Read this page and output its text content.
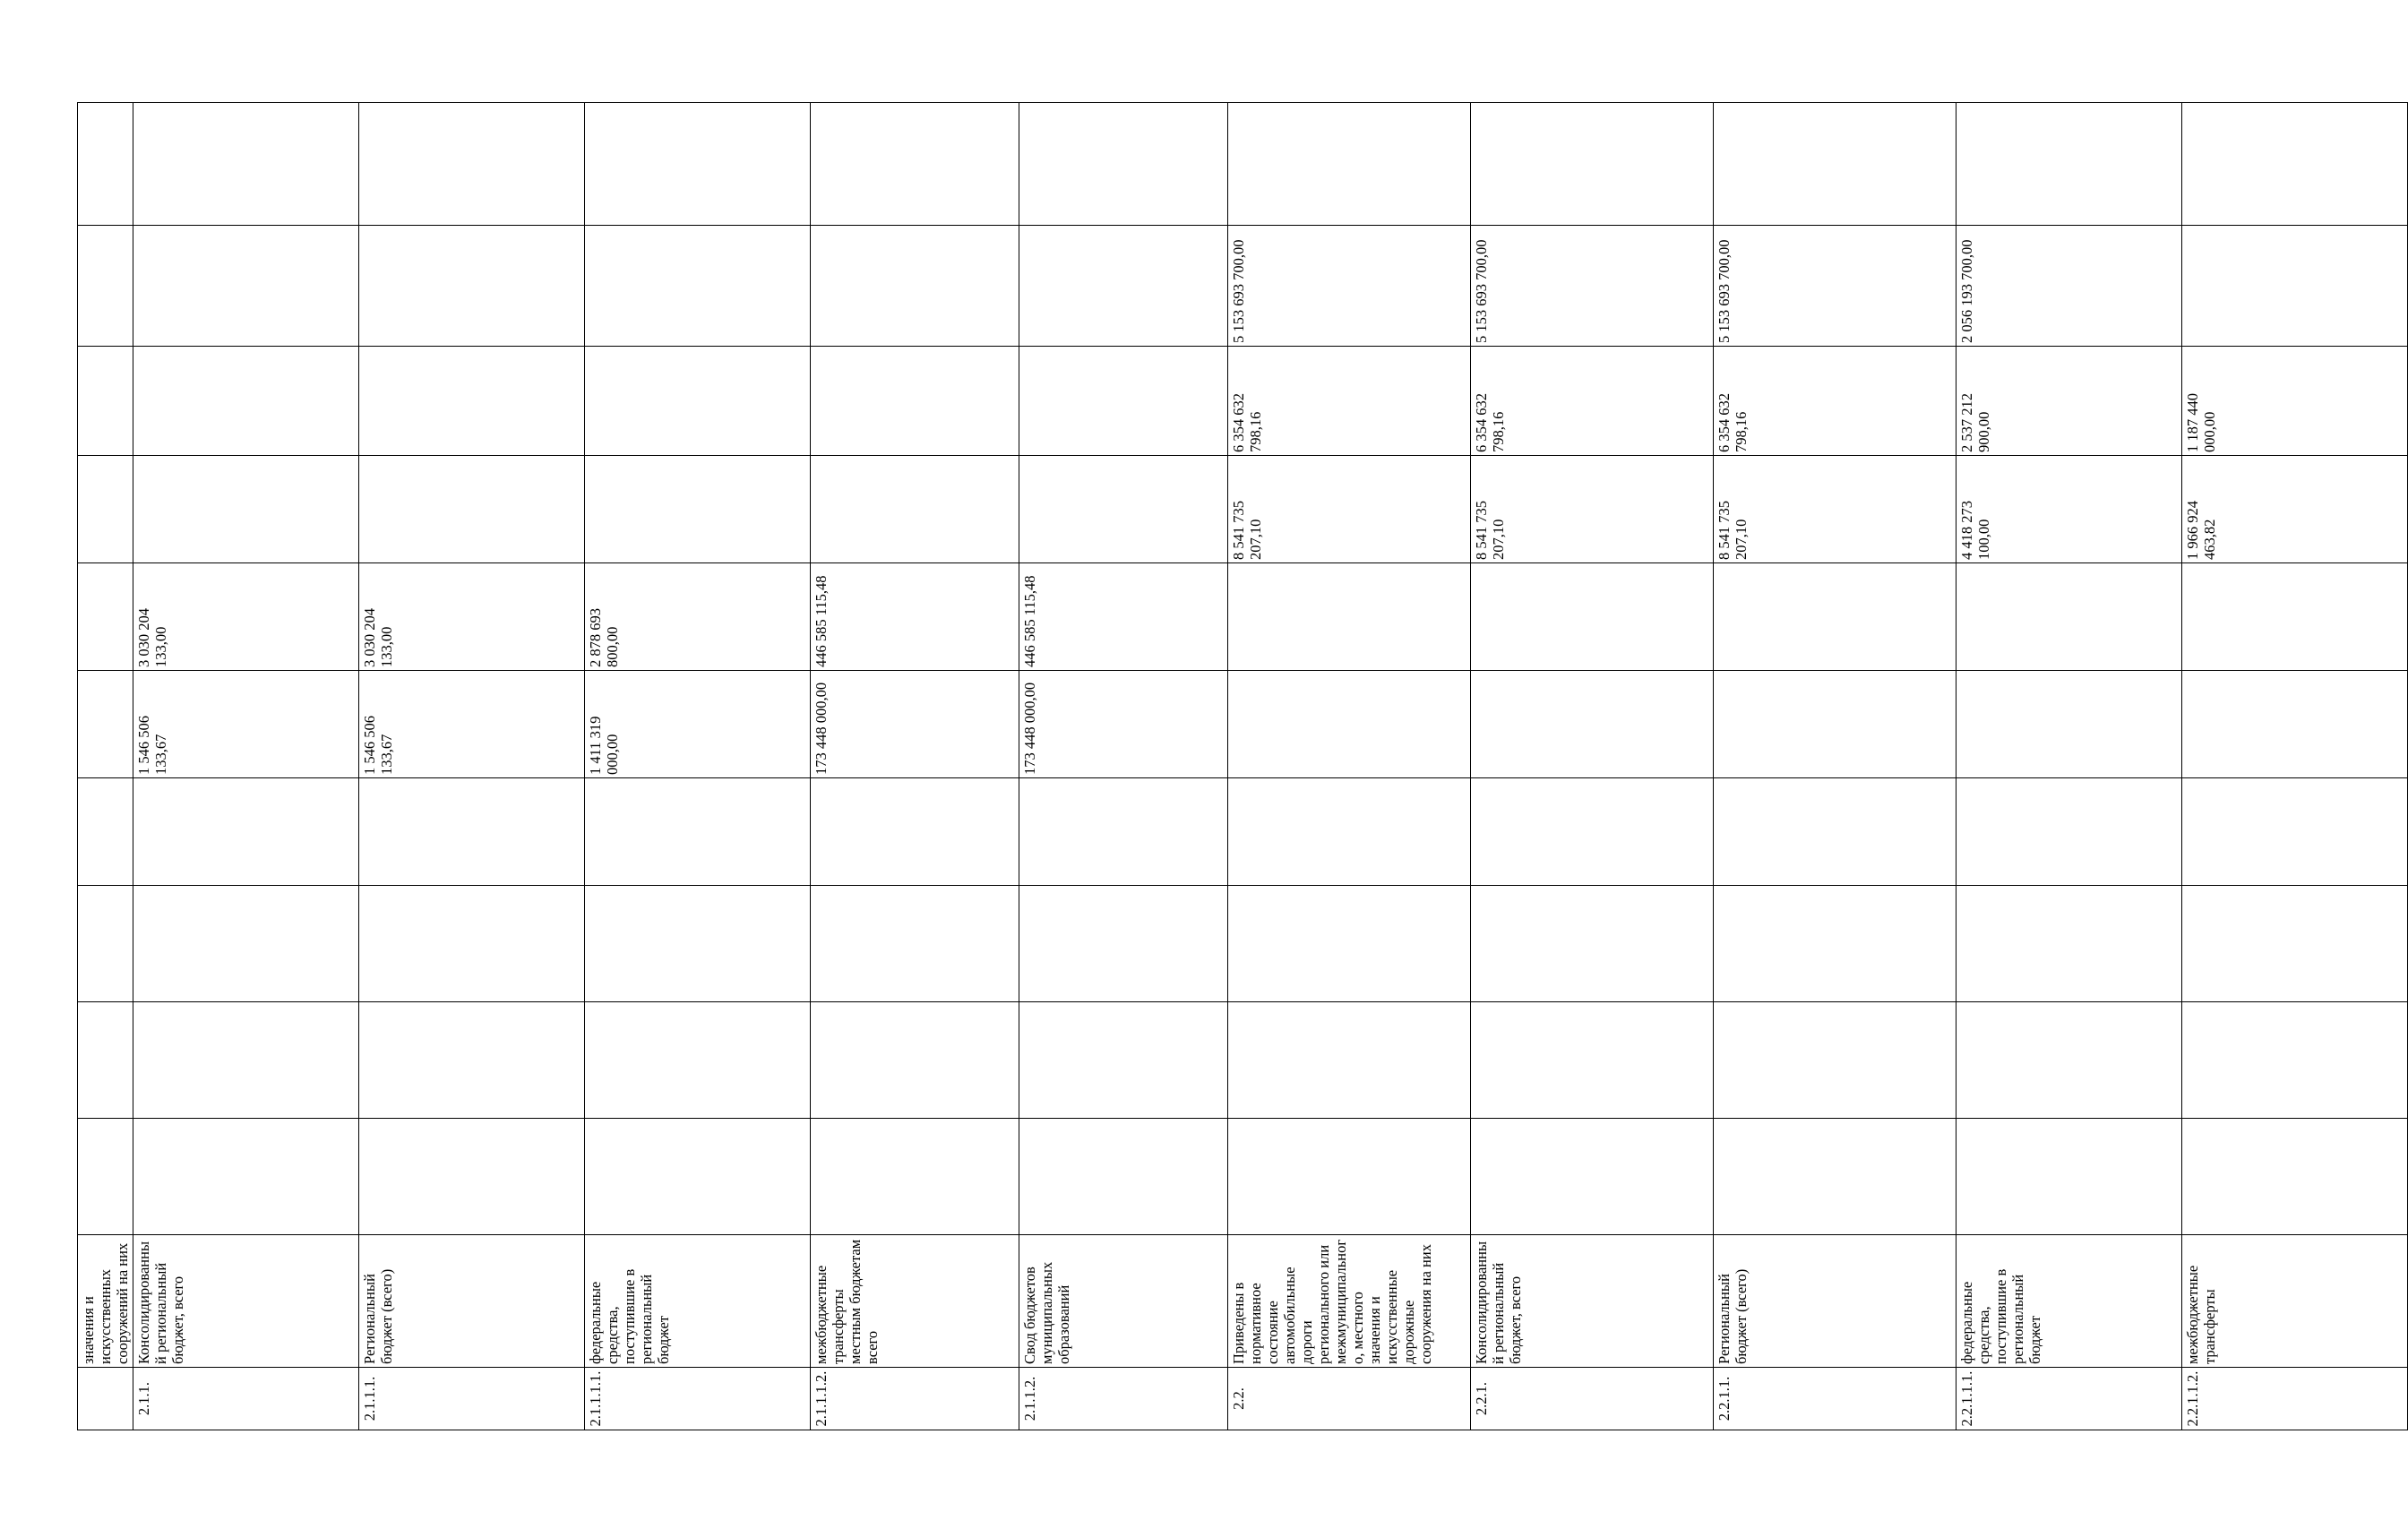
	значения и искусственных сооружений на них											
2.1.1.	Консолидированный региональный бюджет, всего					1 546 506 133,67	3 030 204 133,00					
2.1.1.1.	Региональный бюджет (всего)					1 546 506 133,67	3 030 204 133,00					
2.1.1.1.1.	федеральные средства, поступившие в региональный бюджет					1 411 319 000,00	2 878 693 800,00					
2.1.1.1.2.	межбюджетные трансферты местным бюджетам всего					173 448 000,00	446 585 115,48					
2.1.1.2.	Свод бюджетов муниципальных образований					173 448 000,00	446 585 115,48					
2.2.	Приведены в нормативное состояние автомобильные дороги регионального или межмуниципального, местного значения и искусственные дорожные сооружения на них							8 541 735 207,10	6 354 632 798,16	5 153 693 700,00		
2.2.1.	Консолидированный региональный бюджет, всего							8 541 735 207,10	6 354 632 798,16	5 153 693 700,00		
2.2.1.1.	Региональный бюджет (всего)							8 541 735 207,10	6 354 632 798,16	5 153 693 700,00		
2.2.1.1.1.	федеральные средства, поступившие в региональный бюджет							4 418 273 100,00	2 537 212 900,00	2 056 193 700,00		
2.2.1.1.2.	межбюджетные трансферты							1 966 924 463,82	1 187 440 000,00			
